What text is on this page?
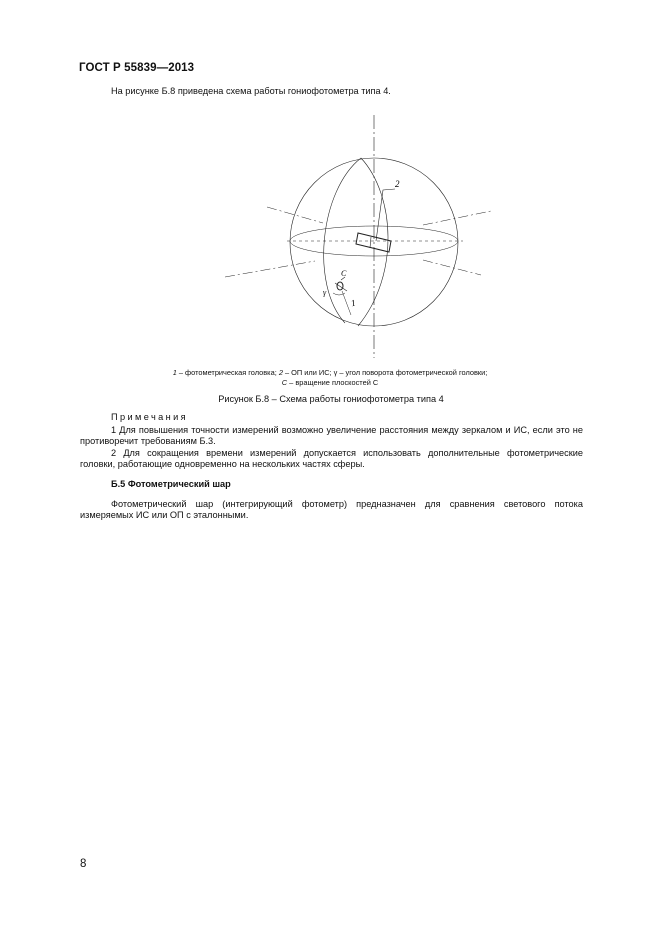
ГОСТ Р 55839—2013
На рисунке Б.8 приведена схема работы гониофотометра типа 4.
2
C
γ
1
1 – фотометрическая головка; 2 – ОП или ИС; γ – угол поворота фотометрической головки;
C – вращение плоскостей C
Рисунок Б.8 – Схема работы гониофотометра типа 4
Примечания
1 Для повышения точности измерений возможно увеличение расстояния между зеркалом и ИС, если это не противоречит требованиям Б.3.
2 Для сокращения времени измерений допускается использовать дополнительные фотометрические головки, работающие одновременно на нескольких частях сферы.
Б.5 Фотометрический шар
Фотометрический шар (интегрирующий фотометр) предназначен для сравнения светового потока измеряемых ИС или ОП с эталонными.
8
